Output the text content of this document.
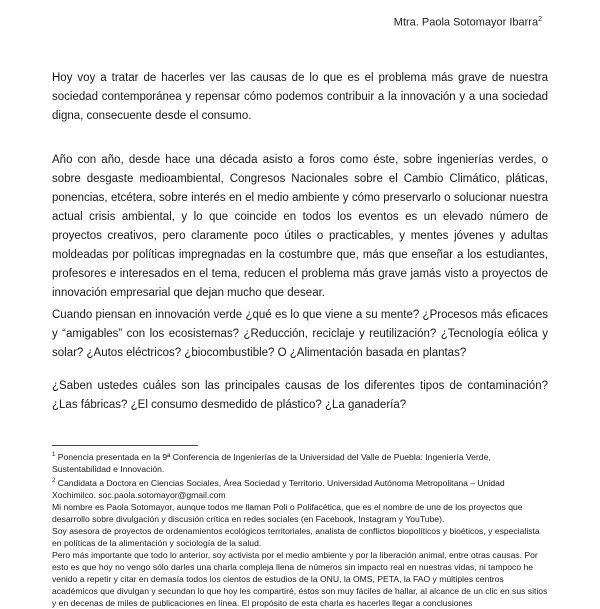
Mtra. Paola Sotomayor Ibarra$^2$

Hoy voy a tratar de hacerles ver las causas de lo que es el problema más grave de nuestra sociedad contemporánea y repensar cómo podemos contribuir a la innovación y a una sociedad digna, consecuente desde el consumo.

Año con año, desde hace una década asisto a foros como éste, sobre ingenierías verdes, o sobre desgaste medioambiental, Congresos Nacionales sobre el Cambio Climático, pláticas, ponencias, etcétera, sobre interés en el medio ambiente y cómo preservarlo o solucionar nuestra actual crisis ambiental, y lo que coincide en todos los eventos es un elevado número de proyectos creativos, pero claramente poco útiles o practicables, y mentes jóvenes y adultas moldeadas por políticas impregnadas en la costumbre que, más que enseñar a los estudiantes, profesores e interesados en el tema, reducen el problema más grave jamás visto a proyectos de innovación empresarial que dejan mucho que desear.

Cuando piensan en innovación verde ¿qué es lo que viene a su mente? ¿Procesos más eficaces y “amigables” con los ecosistemas? ¿Reducción, reciclaje y reutilización? ¿Tecnología eólica y solar? ¿Autos eléctricos? ¿biocombustible? O ¿Alimentación basada en plantas?

¿Saben ustedes cuáles son las principales causas de los diferentes tipos de contaminación? ¿Las fábricas? ¿El consumo desmedido de plástico? ¿La ganadería?

$^1$ Ponencia presentada en la 9ª Conferencia de Ingenierías de la Universidad del Valle de Puebla: Ingeniería Verde, Sustentabilidad e Innovación.

$^2$ Candidata a Doctora en Ciencias Sociales, Área Sociedad y Territorio. Universidad Autónoma Metropolitana – Unidad Xochimilco. soc.paola.sotomayor@gmail.com

Mi nombre es Paola Sotomayor, aunque todos me llaman Poli o Polifacética, que es el nombre de uno de los proyectos que desarrollo sobre divulgación y discusión crítica en redes sociales (en Facebook, Instagram y YouTube).

Soy asesora de proyectos de ordenamientos ecológicos territoriales, analista de conflictos biopolíticos y bioéticos, y especialista en políticas de la alimentación y sociología de la salud.

Pero más importante que todo lo anterior, soy activista por el medio ambiente y por la liberación animal, entre otras causas. Por esto es que hoy no vengo sólo darles una charla compleja llena de números sin impacto real en nuestras vidas, ni tampoco he venido a repetir y citar en demasía todos los cientos de estudios de la ONU, la OMS, PETA, la FAO y múltiples centros académicos que divulgan y secundan lo que hoy les compartiré, éstos son muy fáciles de hallar, al alcance de un clic en sus sitios y en decenas de miles de publicaciones en línea. El propósito de esta charla es hacerles llegar a conclusiones
